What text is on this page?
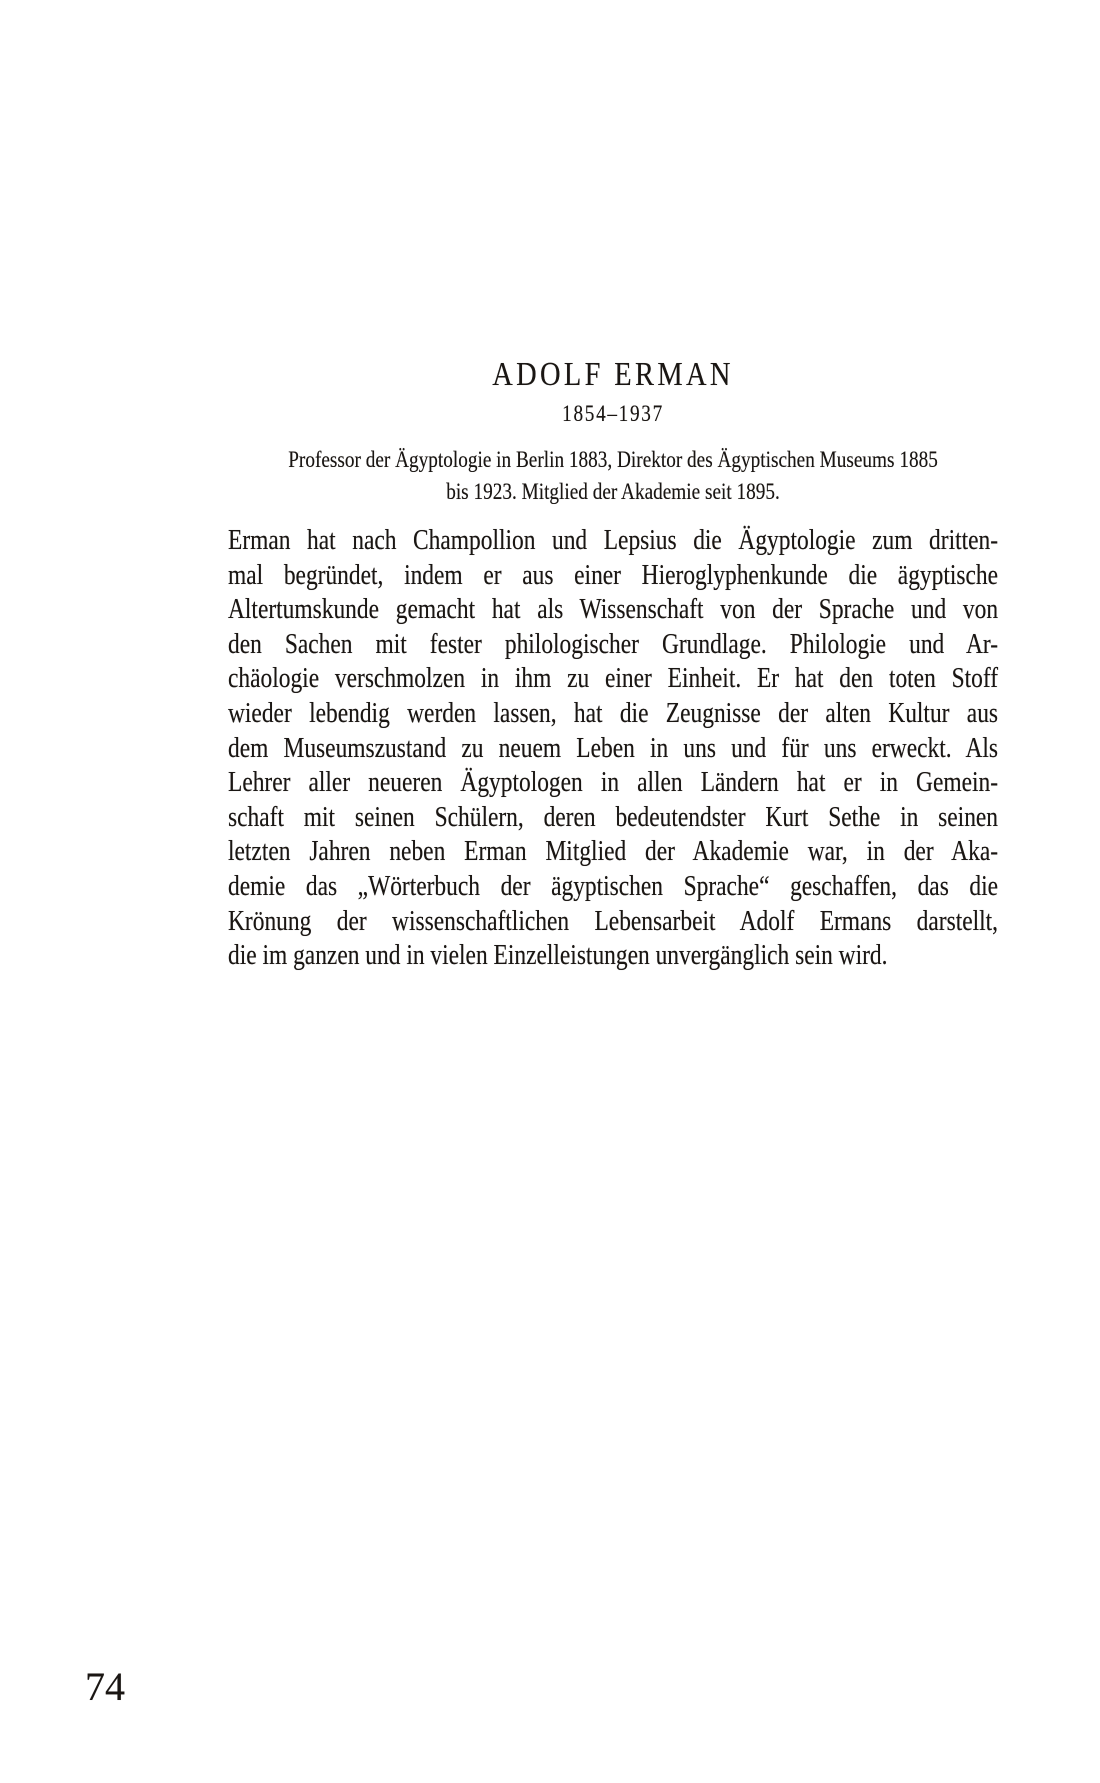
ADOLF ERMAN
1854–1937
Professor der Ägyptologie in Berlin 1883, Direktor des Ägyptischen Museums 1885
bis 1923. Mitglied der Akademie seit 1895.
Erman hat nach Champollion und Lepsius die Ägyptologie zum dritten-
mal begründet, indem er aus einer Hieroglyphenkunde die ägyptische
Altertumskunde gemacht hat als Wissenschaft von der Sprache und von
den Sachen mit fester philologischer Grundlage. Philologie und Ar-
chäologie verschmolzen in ihm zu einer Einheit. Er hat den toten Stoff
wieder lebendig werden lassen, hat die Zeugnisse der alten Kultur aus
dem Museumszustand zu neuem Leben in uns und für uns erweckt. Als
Lehrer aller neueren Ägyptologen in allen Ländern hat er in Gemein-
schaft mit seinen Schülern, deren bedeutendster Kurt Sethe in seinen
letzten Jahren neben Erman Mitglied der Akademie war, in der Aka-
demie das „Wörterbuch der ägyptischen Sprache“ geschaffen, das die
Krönung der wissenschaftlichen Lebensarbeit Adolf Ermans darstellt,
die im ganzen und in vielen Einzelleistungen unvergänglich sein wird.
74
